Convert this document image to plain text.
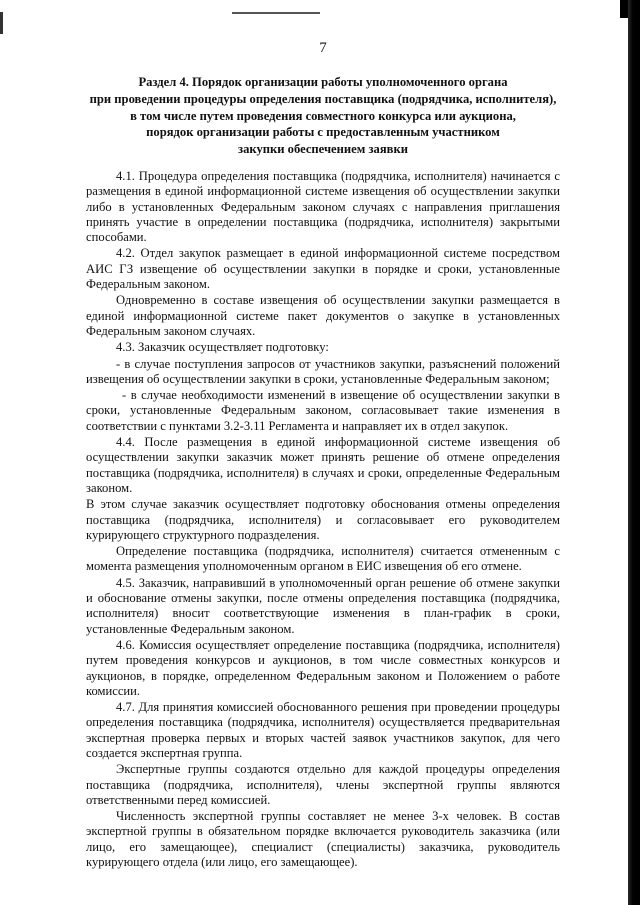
7
Раздел 4. Порядок организации работы уполномоченного органа
при проведении процедуры определения поставщика (подрядчика, исполнителя),
в том числе путем проведения совместного конкурса или аукциона,
порядок организации работы с предоставленным участником
закупки обеспечением заявки

4.1. Процедура определения поставщика (подрядчика, исполнителя) начинается с размещения в единой информационной системе извещения об осуществлении закупки либо в установленных Федеральным законом случаях с направления приглашения принять участие в определении поставщика (подрядчика, исполнителя) закрытыми способами.

4.2. Отдел закупок размещает в единой информационной системе посредством АИС ГЗ извещение об осуществлении закупки в порядке и сроки, установленные Федеральным законом.

Одновременно в составе извещения об осуществлении закупки размещается в единой информационной системе пакет документов о закупке в установленных Федеральным законом случаях.

4.3. Заказчик осуществляет подготовку:

- в случае поступления запросов от участников закупки, разъяснений положений извещения об осуществлении закупки в сроки, установленные Федеральным законом;

- в случае необходимости изменений в извещение об осуществлении закупки в сроки, установленные Федеральным законом, согласовывает такие изменения в соответствии с пунктами 3.2-3.11 Регламента и направляет их в отдел закупок.

4.4. После размещения в единой информационной системе извещения об осуществлении закупки заказчик может принять решение об отмене определения поставщика (подрядчика, исполнителя) в случаях и сроки, определенные Федеральным законом.

В этом случае заказчик осуществляет подготовку обоснования отмены определения поставщика (подрядчика, исполнителя) и согласовывает его руководителем курирующего структурного подразделения.

Определение поставщика (подрядчика, исполнителя) считается отмененным с момента размещения уполномоченным органом в ЕИС извещения об его отмене.

4.5. Заказчик, направивший в уполномоченный орган решение об отмене закупки и обоснование отмены закупки, после отмены определения поставщика (подрядчика, исполнителя) вносит соответствующие изменения в план-график в сроки, установленные Федеральным законом.

4.6. Комиссия осуществляет определение поставщика (подрядчика, исполнителя) путем проведения конкурсов и аукционов, в том числе совместных конкурсов и аукционов, в порядке, определенном Федеральным законом и Положением о работе комиссии.

4.7. Для принятия комиссией обоснованного решения при проведении процедуры определения поставщика (подрядчика, исполнителя) осуществляется предварительная экспертная проверка первых и вторых частей заявок участников закупок, для чего создается экспертная группа.

Экспертные группы создаются отдельно для каждой процедуры определения поставщика (подрядчика, исполнителя), члены экспертной группы являются ответственными перед комиссией.

Численность экспертной группы составляет не менее 3-х человек. В состав экспертной группы в обязательном порядке включается руководитель заказчика (или лицо, его замещающее), специалист (специалисты) заказчика, руководитель курирующего отдела (или лицо, его замещающее).
